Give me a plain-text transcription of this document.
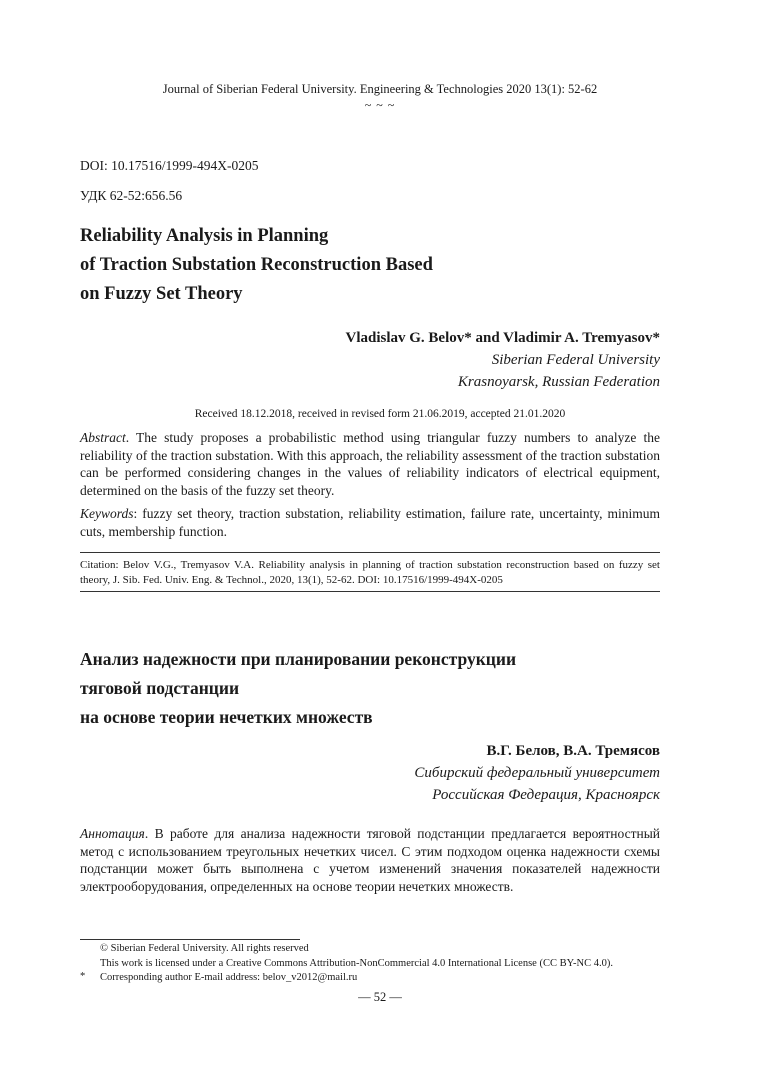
Journal of Siberian Federal University. Engineering & Technologies 2020 13(1): 52-62
~ ~ ~
DOI: 10.17516/1999-494X-0205
УДК 62-52:656.56
Reliability Analysis in Planning
of Traction Substation Reconstruction Based
on Fuzzy Set Theory
Vladislav G. Belov* and Vladimir A. Tremyasov*
Siberian Federal University
Krasnoyarsk, Russian Federation
Received 18.12.2018, received in revised form 21.06.2019, accepted 21.01.2020
Abstract. The study proposes a probabilistic method using triangular fuzzy numbers to analyze the reliability of the traction substation. With this approach, the reliability assessment of the traction substation can be performed considering changes in the values of reliability indicators of electrical equipment, determined on the basis of the fuzzy set theory.
Keywords: fuzzy set theory, traction substation, reliability estimation, failure rate, uncertainty, minimum cuts, membership function.
Citation: Belov V.G., Tremyasov V.A. Reliability analysis in planning of traction substation reconstruction based on fuzzy set theory, J. Sib. Fed. Univ. Eng. & Technol., 2020, 13(1), 52-62. DOI: 10.17516/1999-494X-0205
Анализ надежности при планировании реконструкции
тяговой подстанции
на основе теории нечетких множеств
В.Г. Белов, В.А. Тремясов
Сибирский федеральный университет
Российская Федерация, Красноярск
Аннотация. В работе для анализа надежности тяговой подстанции предлагается вероятностный метод с использованием треугольных нечетких чисел. С этим подходом оценка надежности схемы подстанции может быть выполнена с учетом изменений значения показателей надежности электрооборудования, определенных на основе теории нечетких множеств.
© Siberian Federal University. All rights reserved
This work is licensed under a Creative Commons Attribution-NonCommercial 4.0 International License (CC BY-NC 4.0).
* Corresponding author E-mail address: belov_v2012@mail.ru
— 52 —
